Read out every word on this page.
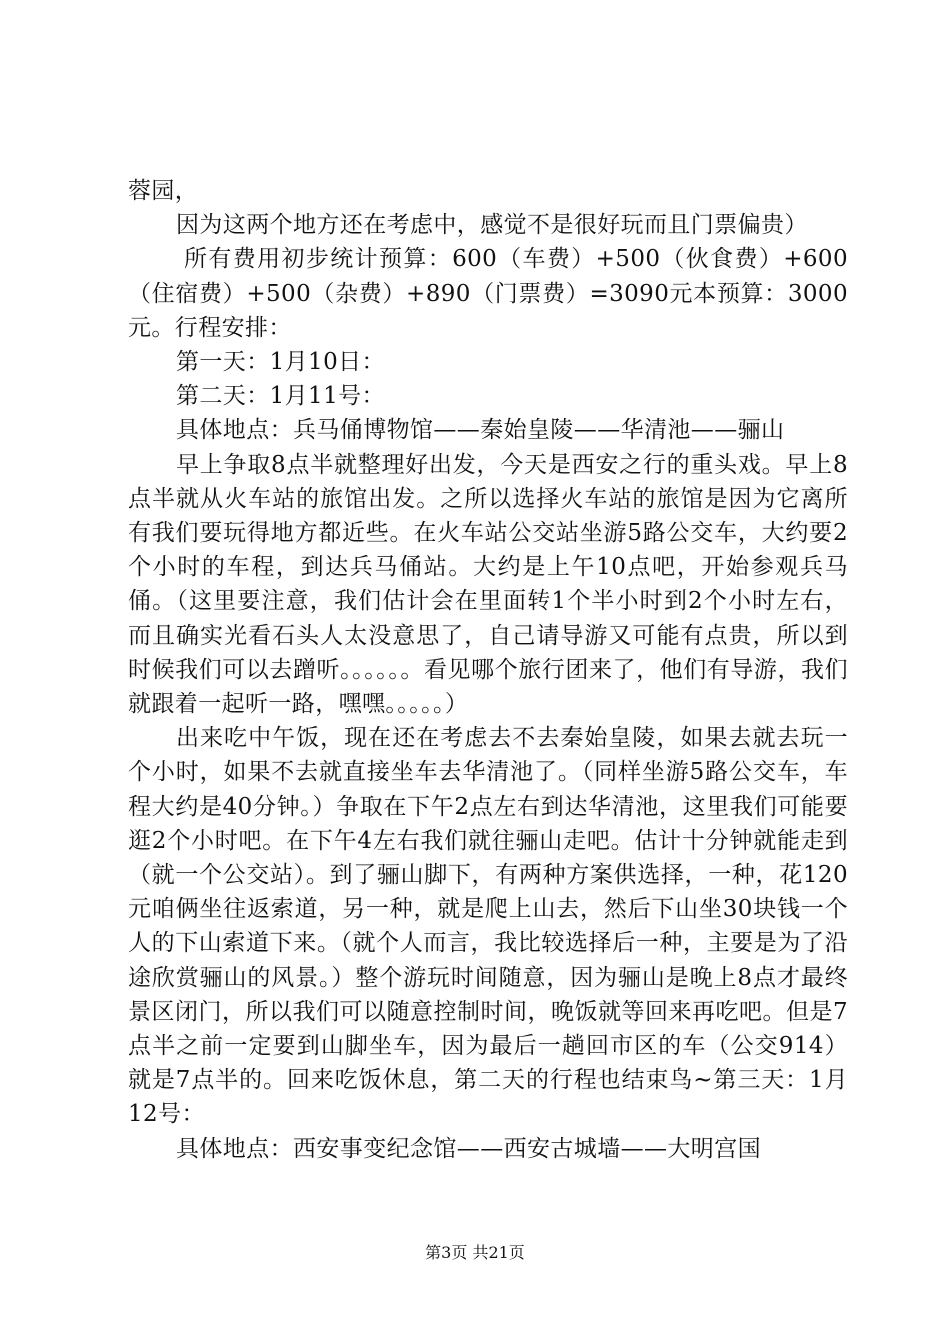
蓉园，

因为这两个地方还在考虑中，感觉不是很好玩而且门票偏贵）

所有费用初步统计预算：600（车费）+500（伙食费）+600（住宿费）+500（杂费）+890（门票费）=3090元本预算：3000元。行程安排：

第一天：1月10日：

第二天：1月11号：

具体地点：兵马俑博物馆——秦始皇陵——华清池——骊山

早上争取8点半就整理好出发，今天是西安之行的重头戏。早上8点半就从火车站的旅馆出发。之所以选择火车站的旅馆是因为它离所有我们要玩得地方都近些。在火车站公交站坐游5路公交车，大约要2个小时的车程，到达兵马俑站。大约是上午10点吧，开始参观兵马俑。（这里要注意，我们估计会在里面转1个半小时到2个小时左右，而且确实光看石头人太没意思了，自己请导游又可能有点贵，所以到时候我们可以去蹭听。。。。。。看见哪个旅行团来了，他们有导游，我们就跟着一起听一路，嘿嘿。。。。。）

出来吃中午饭，现在还在考虑去不去秦始皇陵，如果去就去玩一个小时，如果不去就直接坐车去华清池了。（同样坐游5路公交车，车程大约是40分钟。）争取在下午2点左右到达华清池，这里我们可能要逛2个小时吧。在下午4左右我们就往骊山走吧。估计十分钟就能走到（就一个公交站）。到了骊山脚下，有两种方案供选择，一种，花120元咱俩坐往返索道，另一种，就是爬上山去，然后下山坐30块钱一个人的下山索道下来。（就个人而言，我比较选择后一种，主要是为了沿途欣赏骊山的风景。）整个游玩时间随意，因为骊山是晚上8点才最终景区闭门，所以我们可以随意控制时间，晚饭就等回来再吃吧。但是7点半之前一定要到山脚坐车，因为最后一趟回市区的车（公交914）就是7点半的。回来吃饭休息，第二天的行程也结束鸟~第三天：1月12号：

具体地点：西安事变纪念馆——西安古城墙——大明宫国

第3页 共21页
